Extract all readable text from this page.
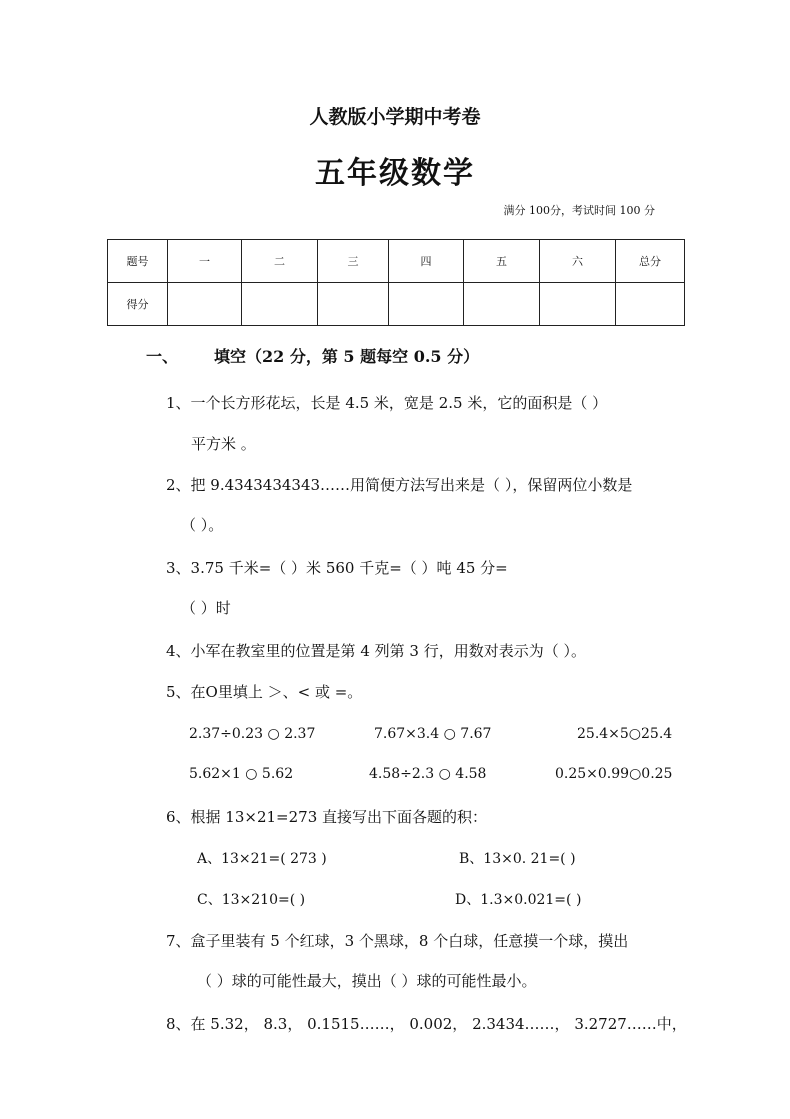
人教版小学期中考卷
五年级数学
满分 100分，考试时间 100 分
题号	一	二	三	四	五	六	总分
得分							
一、 填空（22 分，第 5 题每空 0.5 分）
1、一个长方形花坛，长是 4.5 米，宽是 2.5 米，它的面积是（ ）
平方米 。
2、把 9.4343434343……用简便方法写出来是（ ），保留两位小数是
（ ）。
3、3.75 千米=（ ）米 560 千克=（ ）吨 45 分=
（ ）时
4、小军在教室里的位置是第 4 列第 3 行，用数对表示为（ ）。
5、在O里填上 ＞、< 或 =。
2.37÷0.23 ○ 2.37	7.67×3.4 ○ 7.67	25.4×5○25.4
5.62×1 ○ 5.62	4.58÷2.3 ○ 4.58	0.25×0.99○0.25
6、根据 13×21=273 直接写出下面各题的积：
A、13×21=( 273 )	B、13×0. 21=( )
C、13×210=( )	D、1.3×0.021=( )
7、盒子里装有 5 个红球，3 个黑球，8 个白球，任意摸一个球，摸出
（ ）球的可能性最大，摸出（ ）球的可能性最小。
8、在 5.32， 8.3， 0.1515……， 0.002， 2.3434……， 3.2727……中，
